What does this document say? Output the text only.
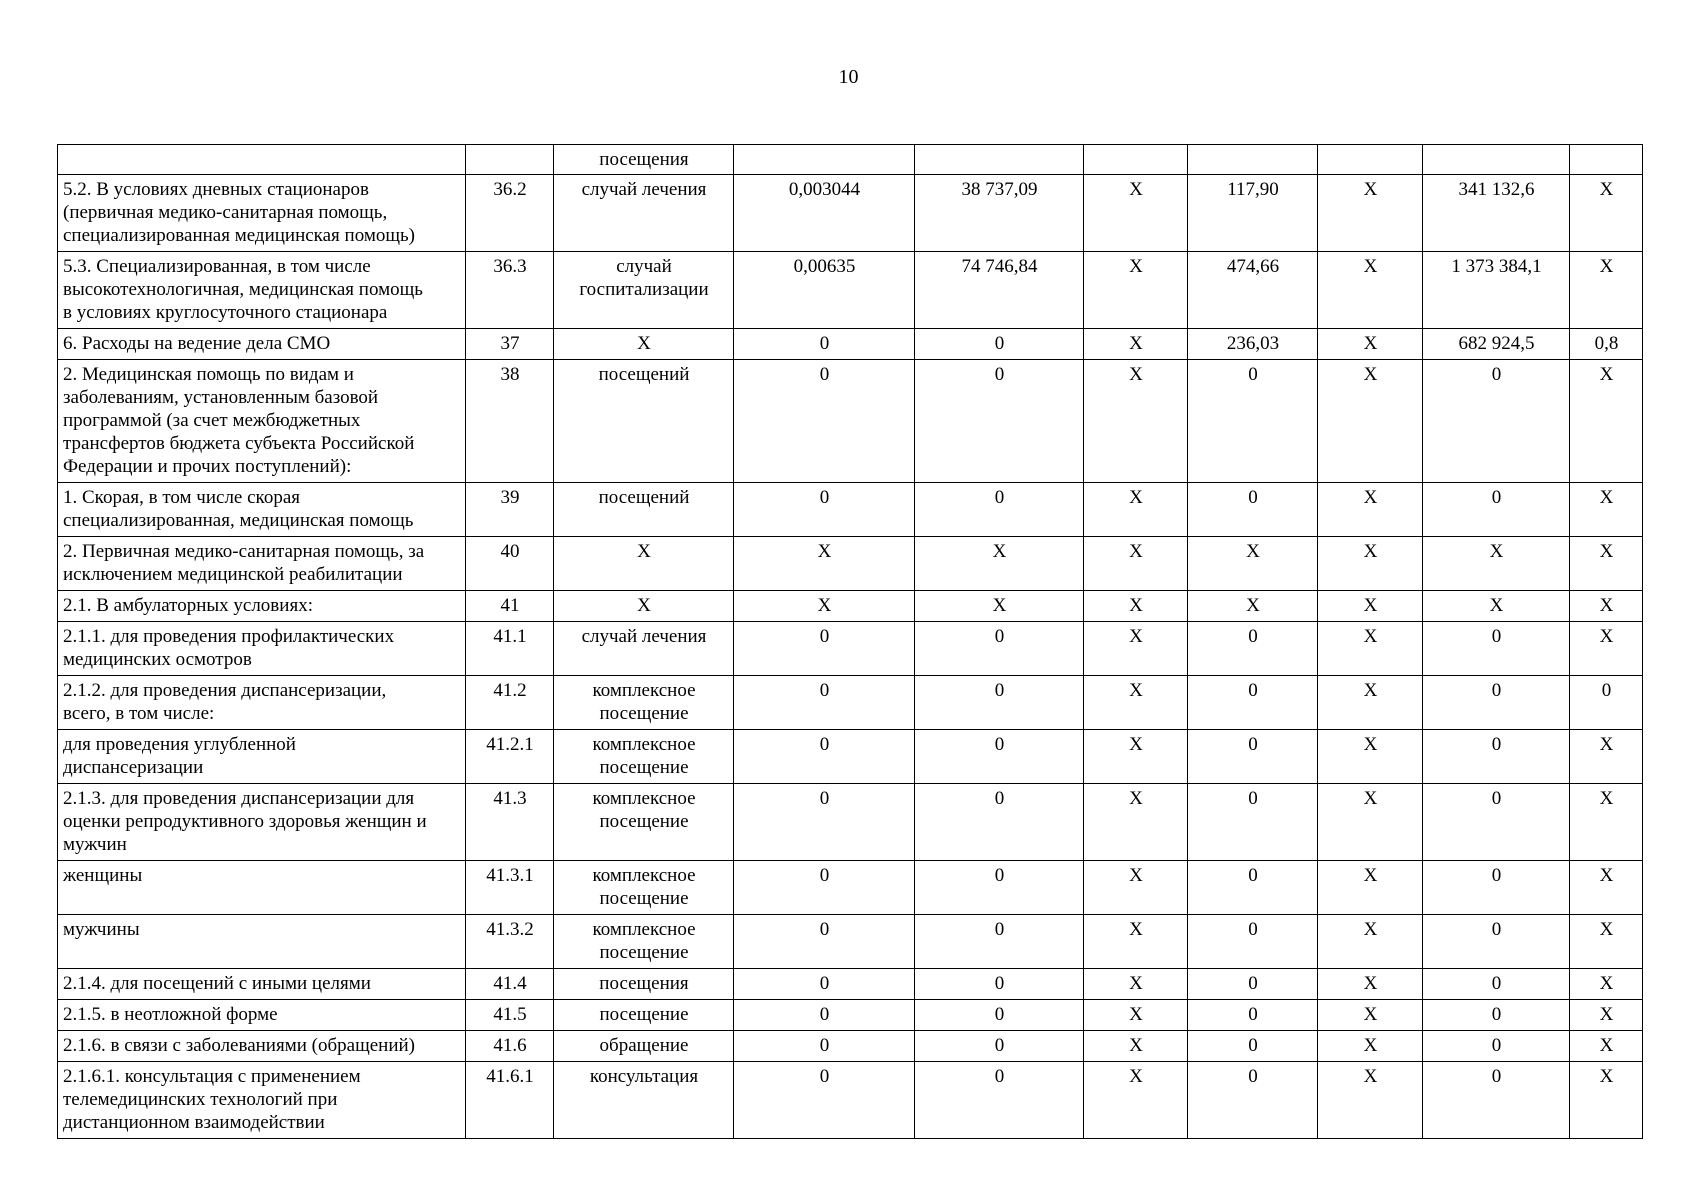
10
		посещения							
5.2. В условиях дневных стационаров
(первичная медико-санитарная помощь,
специализированная медицинская помощь)	36.2	случай лечения	0,003044	38 737,09	X	117,90	X	341 132,6	X
5.3. Специализированная, в том числе
высокотехнологичная, медицинская помощь
в условиях круглосуточного стационара	36.3	случай
госпитализации	0,00635	74 746,84	X	474,66	X	1 373 384,1	X
6. Расходы на ведение дела СМО	37	X	0	0	X	236,03	X	682 924,5	0,8
2. Медицинская помощь по видам и
заболеваниям, установленным базовой
программой (за счет межбюджетных
трансфертов бюджета субъекта Российской
Федерации и прочих поступлений):	38	посещений	0	0	X	0	X	0	X
1. Скорая, в том числе скорая
специализированная, медицинская помощь	39	посещений	0	0	X	0	X	0	X
2. Первичная медико-санитарная помощь, за
исключением медицинской реабилитации	40	X	X	X	X	X	X	X	X
2.1. В амбулаторных условиях:	41	X	X	X	X	X	X	X	X
2.1.1. для проведения профилактических
медицинских осмотров	41.1	случай лечения	0	0	X	0	X	0	X
2.1.2. для проведения диспансеризации,
всего, в том числе:	41.2	комплексное
посещение	0	0	X	0	X	0	0
для проведения углубленной
диспансеризации	41.2.1	комплексное
посещение	0	0	X	0	X	0	X
2.1.3. для проведения диспансеризации для
оценки репродуктивного здоровья женщин и
мужчин	41.3	комплексное
посещение	0	0	X	0	X	0	X
женщины	41.3.1	комплексное
посещение	0	0	X	0	X	0	X
мужчины	41.3.2	комплексное
посещение	0	0	X	0	X	0	X
2.1.4. для посещений с иными целями	41.4	посещения	0	0	X	0	X	0	X
2.1.5. в неотложной форме	41.5	посещение	0	0	X	0	X	0	X
2.1.6. в связи с заболеваниями (обращений)	41.6	обращение	0	0	X	0	X	0	X
2.1.6.1. консультация с применением
телемедицинских технологий при
дистанционном взаимодействии	41.6.1	консультация	0	0	X	0	X	0	X
